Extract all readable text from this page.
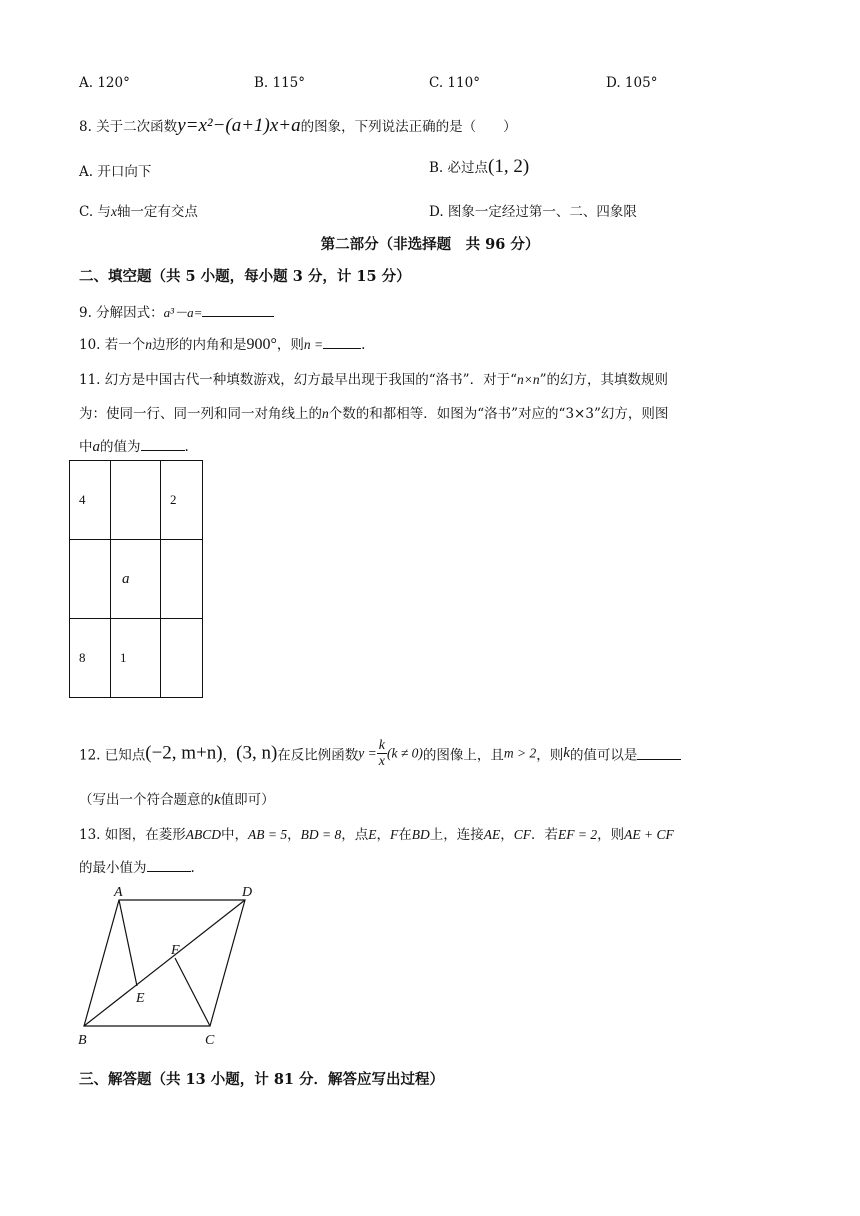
A. 120°	B. 115°	C. 110°	D. 105°
8. 关于二次函数y=x²−(a+1)x+a的图象，下列说法正确的是（　　）
A. 开口向下	B. 必过点(1, 2)
C. 与x轴一定有交点	D. 图象一定经过第一、二、四象限
第二部分（非选择题　共 96 分）
二、填空题（共 5 小题，每小题 3 分，计 15 分）
9. 分解因式：a³－a=
10. 若一个n边形的内角和是900°，则n =	.
11. 幻方是中国古代一种填数游戏，幻方最早出现于我国的“洛书”．对于“n×n”的幻方，其填数规则
为：使同一行、同一列和同一对角线上的n个数的和都相等．如图为“洛书”对应的“3×3”幻方，则图
中a的值为	.
4		2
	a	
8	1	
12. 已知点(−2, m+n)，(3, n)在反比例函数$y = \frac{k}{x} (k \ne 0)$的图像上，且m > 2，则k的值可以是
（写出一个符合题意的k值即可）
13. 如图，在菱形ABCD中，AB = 5，BD = 8，点E，F在BD上，连接AE，CF．若EF = 2，则AE + CF
的最小值为	.
A	D
F
E
B	C
三、解答题（共 13 小题，计 81 分．解答应写出过程）
